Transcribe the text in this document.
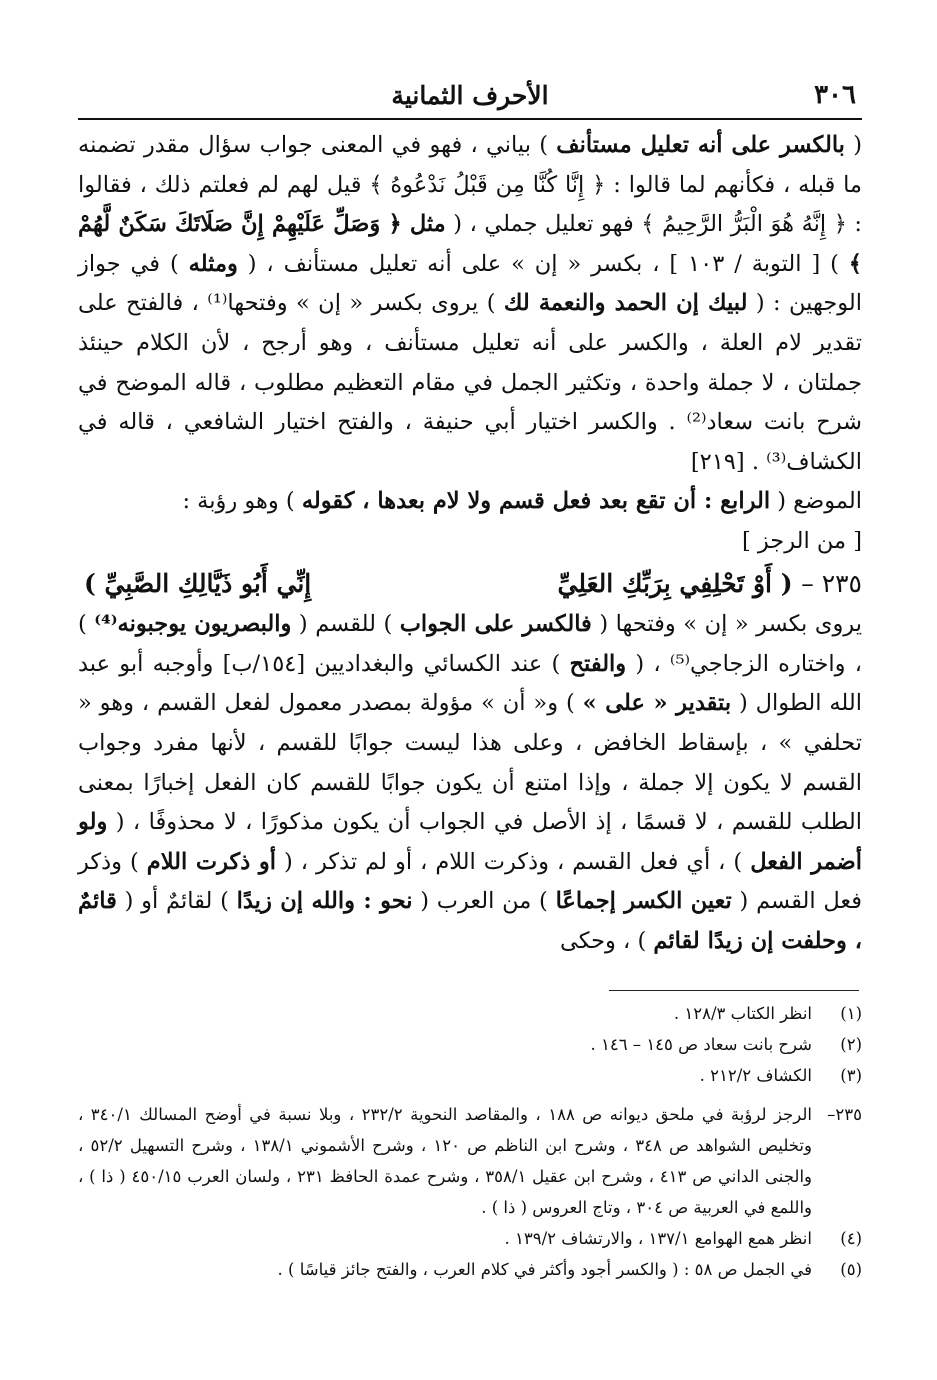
٣٠٦
الأحرف الثمانية

( بالكسر على أنه تعليل مستأنف ) بياني ، فهو في المعنى جواب سؤال مقدر تضمنه ما قبله ، فكأنهم لما قالوا : ﴿ إِنَّا كُنَّا مِن قَبْلُ نَدْعُوهُ ﴾ قيل لهم لم فعلتم ذلك ، فقالوا : ﴿ إِنَّهُ هُوَ الْبَرُّ الرَّحِيمُ ﴾ فهو تعليل جملي ، ( مثل ﴿ وَصَلِّ عَلَيْهِمْ إِنَّ صَلَاتَكَ سَكَنٌ لَّهُمْ ﴾ ) [ التوبة / ١٠٣ ] ، بكسر « إن » على أنه تعليل مستأنف ، ( ومثله ) في جواز الوجهين : ( لبيك إن الحمد والنعمة لك ) يروى بكسر « إن » وفتحها⁽¹⁾ ، فالفتح على تقدير لام العلة ، والكسر على أنه تعليل مستأنف ، وهو أرجح ، لأن الكلام حينئذ جملتان ، لا جملة واحدة ، وتكثير الجمل في مقام التعظيم مطلوب ، قاله الموضح في شرح بانت سعاد⁽²⁾ . والكسر اختيار أبي حنيفة ، والفتح اختيار الشافعي ، قاله في الكشاف⁽³⁾ . [٢١٩]

الموضع ( الرابع : أن تقع بعد فعل قسم ولا لام بعدها ، كقوله ) وهو رؤبة :

[ من الرجز ]

٢٣٥ – ( أَوْ تَحْلِفِي بِرَبِّكِ العَلِيِّ
إِنِّي أَبُو ذَيَّالِكِ الصَّبِيِّ )

يروى بكسر « إن » وفتحها ( فالكسر على الجواب ) للقسم ( والبصريون يوجبونه⁽⁴⁾ ) ، واختاره الزجاجي⁽⁵⁾ ، ( والفتح ) عند الكسائي والبغداديين [١٥٤/ب] وأوجبه أبو عبد الله الطوال ( بتقدير « على » ) و« أن » مؤولة بمصدر معمول لفعل القسم ، وهو « تحلفي » ، بإسقاط الخافض ، وعلى هذا ليست جوابًا للقسم ، لأنها مفرد وجواب القسم لا يكون إلا جملة ، وإذا امتنع أن يكون جوابًا للقسم كان الفعل إخبارًا بمعنى الطلب للقسم ، لا قسمًا ، إذ الأصل في الجواب أن يكون مذكورًا ، لا محذوفًا ، ( ولو أضمر الفعل ) ، أي فعل القسم ، وذكرت اللام ، أو لم تذكر ، ( أو ذكرت اللام ) وذكر فعل القسم ( تعين الكسر إجماعًا ) من العرب ( نحو : والله إن زيدًا ) لقائمٌ أو ( قائمٌ ، وحلفت إن زيدًا لقائم ) ، وحكى

(١)
انظر الكتاب ١٢٨/٣ .
(٢)
شرح بانت سعاد ص ١٤٥ – ١٤٦ .
(٣)
الكشاف ٢١٢/٢ .
٢٣٥–
الرجز لرؤبة في ملحق ديوانه ص ١٨٨ ، والمقاصد النحوية ٢٣٢/٢ ، وبلا نسبة في أوضح المسالك ٣٤٠/١ ، وتخليص الشواهد ص ٣٤٨ ، وشرح ابن الناظم ص ١٢٠ ، وشرح الأشموني ١٣٨/١ ، وشرح التسهيل ٥٢/٢ ، والجنى الداني ص ٤١٣ ، وشرح ابن عقيل ٣٥٨/١ ، وشرح عمدة الحافظ ٢٣١ ، ولسان العرب ٤٥٠/١٥ ( ذا ) ، واللمع في العربية ص ٣٠٤ ، وتاج العروس ( ذا ) .
(٤)
انظر همع الهوامع ١٣٧/١ ، والارتشاف ١٣٩/٢ .
(٥)
في الجمل ص ٥٨ : ( والكسر أجود وأكثر في كلام العرب ، والفتح جائز قياسًا ) .
